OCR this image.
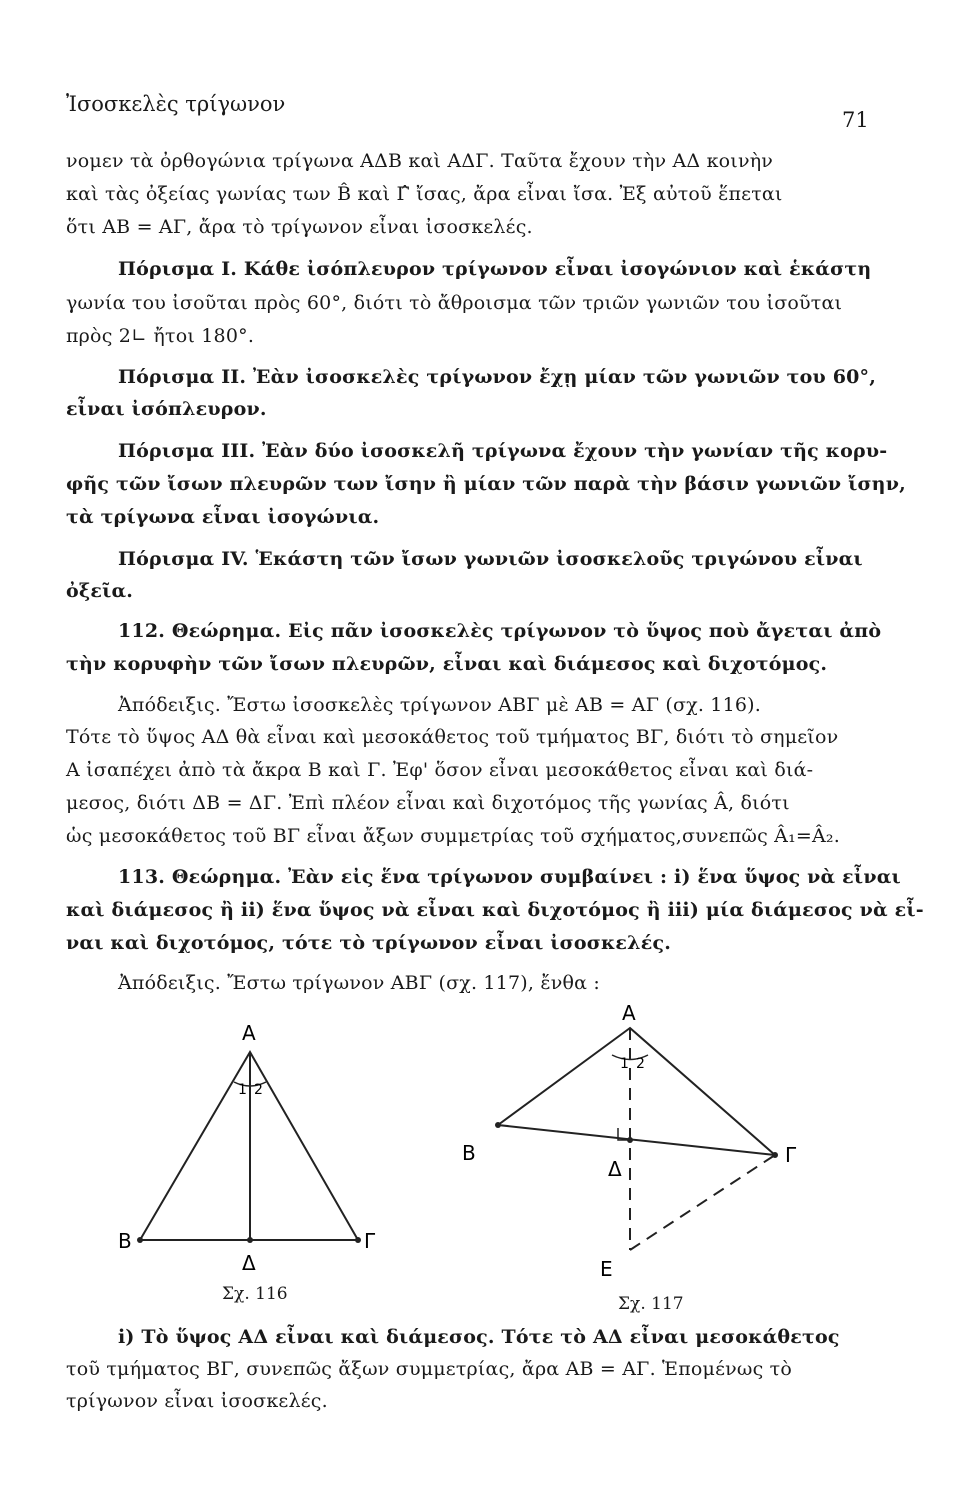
Ἰσοσκελὲς τρίγωνον
71
νομεν τὰ ὀρθογώνια τρίγωνα ΑΔΒ καὶ ΑΔΓ. Ταῦτα ἔχουν τὴν ΑΔ κοινὴν
καὶ τὰς ὀξείας γωνίας των B̂ καὶ Γ̂ ἴσας, ἄρα εἶναι ἴσα. Ἐξ αὐτοῦ ἕπεται
ὅτι ΑΒ = ΑΓ, ἄρα τὸ τρίγωνον εἶναι ἰσοσκελές.
Πόρισμα Ι. Κάθε ἰσόπλευρον τρίγωνον εἶναι ἰσογώνιον καὶ ἑκάστη
γωνία του ἰσοῦται πρὸς 60°, διότι τὸ ἄθροισμα τῶν τριῶν γωνιῶν του ἰσοῦται
πρὸς 2∟ ἤτοι 180°.
Πόρισμα ΙΙ. Ἐὰν ἰσοσκελὲς τρίγωνον ἔχῃ μίαν τῶν γωνιῶν του 60°,
εἶναι ἰσόπλευρον.
Πόρισμα ΙΙΙ. Ἐὰν δύο ἰσοσκελῆ τρίγωνα ἔχουν τὴν γωνίαν τῆς κορυ-
φῆς τῶν ἴσων πλευρῶν των ἴσην ἢ μίαν τῶν παρὰ τὴν βάσιν γωνιῶν ἴσην,
τὰ τρίγωνα εἶναι ἰσογώνια.
Πόρισμα ΙV. Ἑκάστη τῶν ἴσων γωνιῶν ἰσοσκελοῦς τριγώνου εἶναι
ὀξεῖα.
112. Θεώρημα. Εἰς πᾶν ἰσοσκελὲς τρίγωνον τὸ ὕψος ποὺ ἄγεται ἀπὸ
τὴν κορυφὴν τῶν ἴσων πλευρῶν, εἶναι καὶ διάμεσος καὶ διχοτόμος.
Ἀπόδειξις. Ἔστω ἰσοσκελὲς τρίγωνον ΑΒΓ μὲ ΑΒ = ΑΓ (σχ. 116).
Τότε τὸ ὕψος ΑΔ θὰ εἶναι καὶ μεσοκάθετος τοῦ τμήματος ΒΓ, διότι τὸ σημεῖον
Α ἰσαπέχει ἀπὸ τὰ ἄκρα Β καὶ Γ. Ἐφ' ὅσον εἶναι μεσοκάθετος εἶναι καὶ διά-
μεσος, διότι ΔΒ = ΔΓ. Ἐπὶ πλέον εἶναι καὶ διχοτόμος τῆς γωνίας Â, διότι
ὡς μεσοκάθετος τοῦ ΒΓ εἶναι ἄξων συμμετρίας τοῦ σχήματος,συνεπῶς Â₁=Â₂.
113. Θεώρημα. Ἐὰν εἰς ἕνα τρίγωνον συμβαίνει : i) ἕνα ὕψος νὰ εἶναι
καὶ διάμεσος ἢ ii) ἕνα ὕψος νὰ εἶναι καὶ διχοτόμος ἢ iii) μία διάμεσος νὰ εἶ-
ναι καὶ διχοτόμος, τότε τὸ τρίγωνον εἶναι ἰσοσκελές.
Ἀπόδειξις. Ἔστω τρίγωνον ΑΒΓ (σχ. 117), ἔνθα :
Α
Β	Γ
Δ
1 2
Σχ. 116
Α
Β	Γ
Δ
Ε
1 2
Σχ. 117
i) Τὸ ὕψος ΑΔ εἶναι καὶ διάμεσος. Τότε τὸ ΑΔ εἶναι μεσοκάθετος
τοῦ τμήματος ΒΓ, συνεπῶς ἄξων συμμετρίας, ἄρα ΑΒ = ΑΓ. Ἑπομένως τὸ
τρίγωνον εἶναι ἰσοσκελές.
